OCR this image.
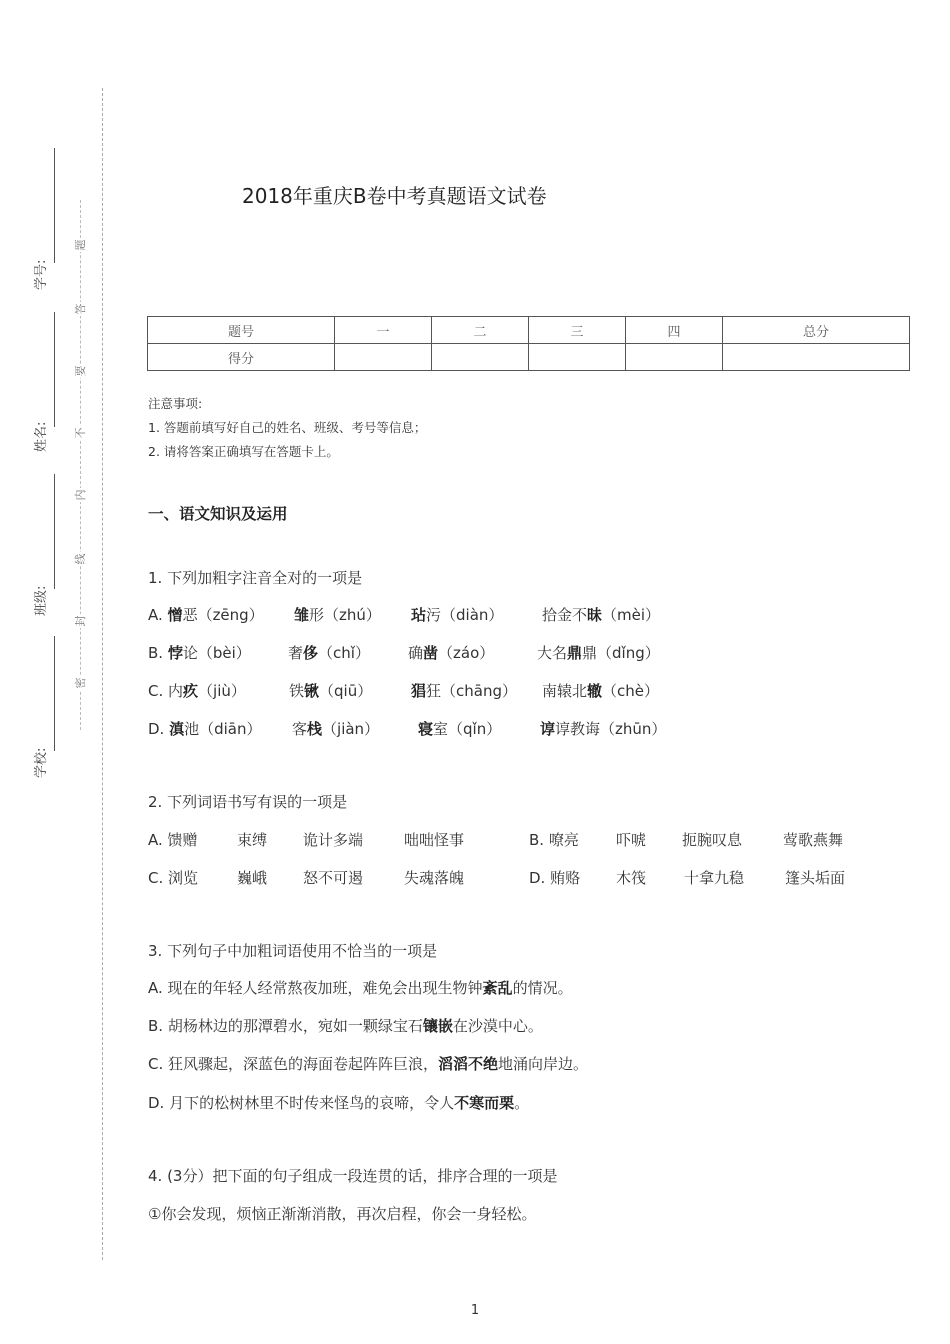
题
答
要
不
内
线
封
密
学号:
姓名:
班级:
学校:
2018年重庆B卷中考真题语文试卷
题号	一	二	三	四	总分
得分					
注意事项:
1. 答题前填写好自己的姓名、班级、考号等信息；
2. 请将答案正确填写在答题卡上。
一、语文知识及运用
1. 下列加粗字注音全对的一项是
A. 憎恶（zēng） 雏形（zhú） 玷污（diàn）	拾金不昧（mèi）
B. 悖论（bèi） 奢侈（chǐ）	确凿（záo）	大名鼎鼎（dǐng）
C. 内疚（jiù）	铁锹（qiū）	猖狂（chāng） 南辕北辙（chè）
D. 滇池（diān） 客栈（jiàn）	寝室（qǐn）	谆谆教诲（zhūn）
2. 下列词语书写有误的一项是
A. 馈赠	束缚 诡计多端	咄咄怪事	B. 嘹亮 吓唬 扼腕叹息	莺歌燕舞
C. 浏览	巍峨 怒不可遏	失魂落魄	D. 贿赂 木筏	十拿九稳	篷头垢面
3. 下列句子中加粗词语使用不恰当的一项是
A. 现在的年轻人经常熬夜加班，难免会出现生物钟紊乱的情况。
B. 胡杨林边的那潭碧水，宛如一颗绿宝石镶嵌在沙漠中心。
C. 狂风骤起，深蓝色的海面卷起阵阵巨浪，滔滔不绝地涌向岸边。
D. 月下的松树林里不时传来怪鸟的哀啼，令人不寒而栗。
4. (3分）把下面的句子组成一段连贯的话，排序合理的一项是
①你会发现，烦恼正渐渐消散，再次启程，你会一身轻松。
1
